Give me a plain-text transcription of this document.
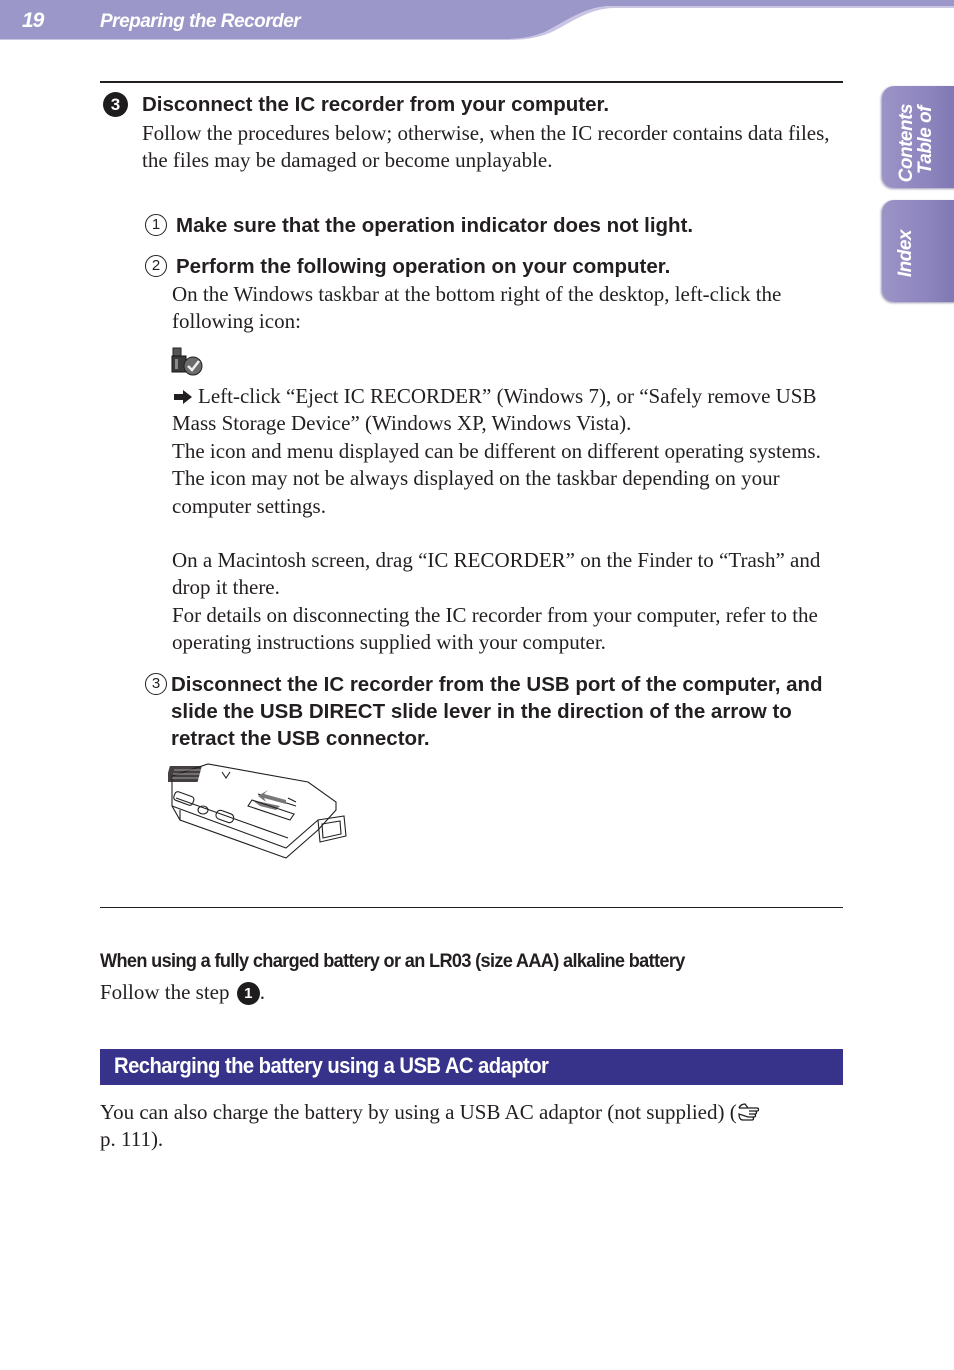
19	Preparing the Recorder
Table of
Contents
Index
3	Disconnect the IC recorder from your computer.

Follow the procedures below; otherwise, when the IC recorder contains data files, the files may be damaged or become unplayable.

1 Make sure that the operation indicator does not light.
2 Perform the following operation on your computer.

On the Windows taskbar at the bottom right of the desktop, left-click the following icon:

Left-click “Eject IC RECORDER” (Windows 7), or “Safely remove USB Mass Storage Device” (Windows XP, Windows Vista).

The icon and menu displayed can be different on different operating systems. The icon may not be always displayed on the taskbar depending on your computer settings.

On a Macintosh screen, drag “IC RECORDER” on the Finder to “Trash” and drop it there.

For details on disconnecting the IC recorder from your computer, refer to the operating instructions supplied with your computer.

3 Disconnect the IC recorder from the USB port of the computer, and slide the USB DIRECT slide lever in the direction of the arrow to retract the USB connector.
When using a fully charged battery or an LR03 (size AAA) alkaline battery
Follow the step 1 .
Recharging the battery using a USB AC adaptor

You can also charge the battery by using a USB AC adaptor (not supplied) (
p. 111).
